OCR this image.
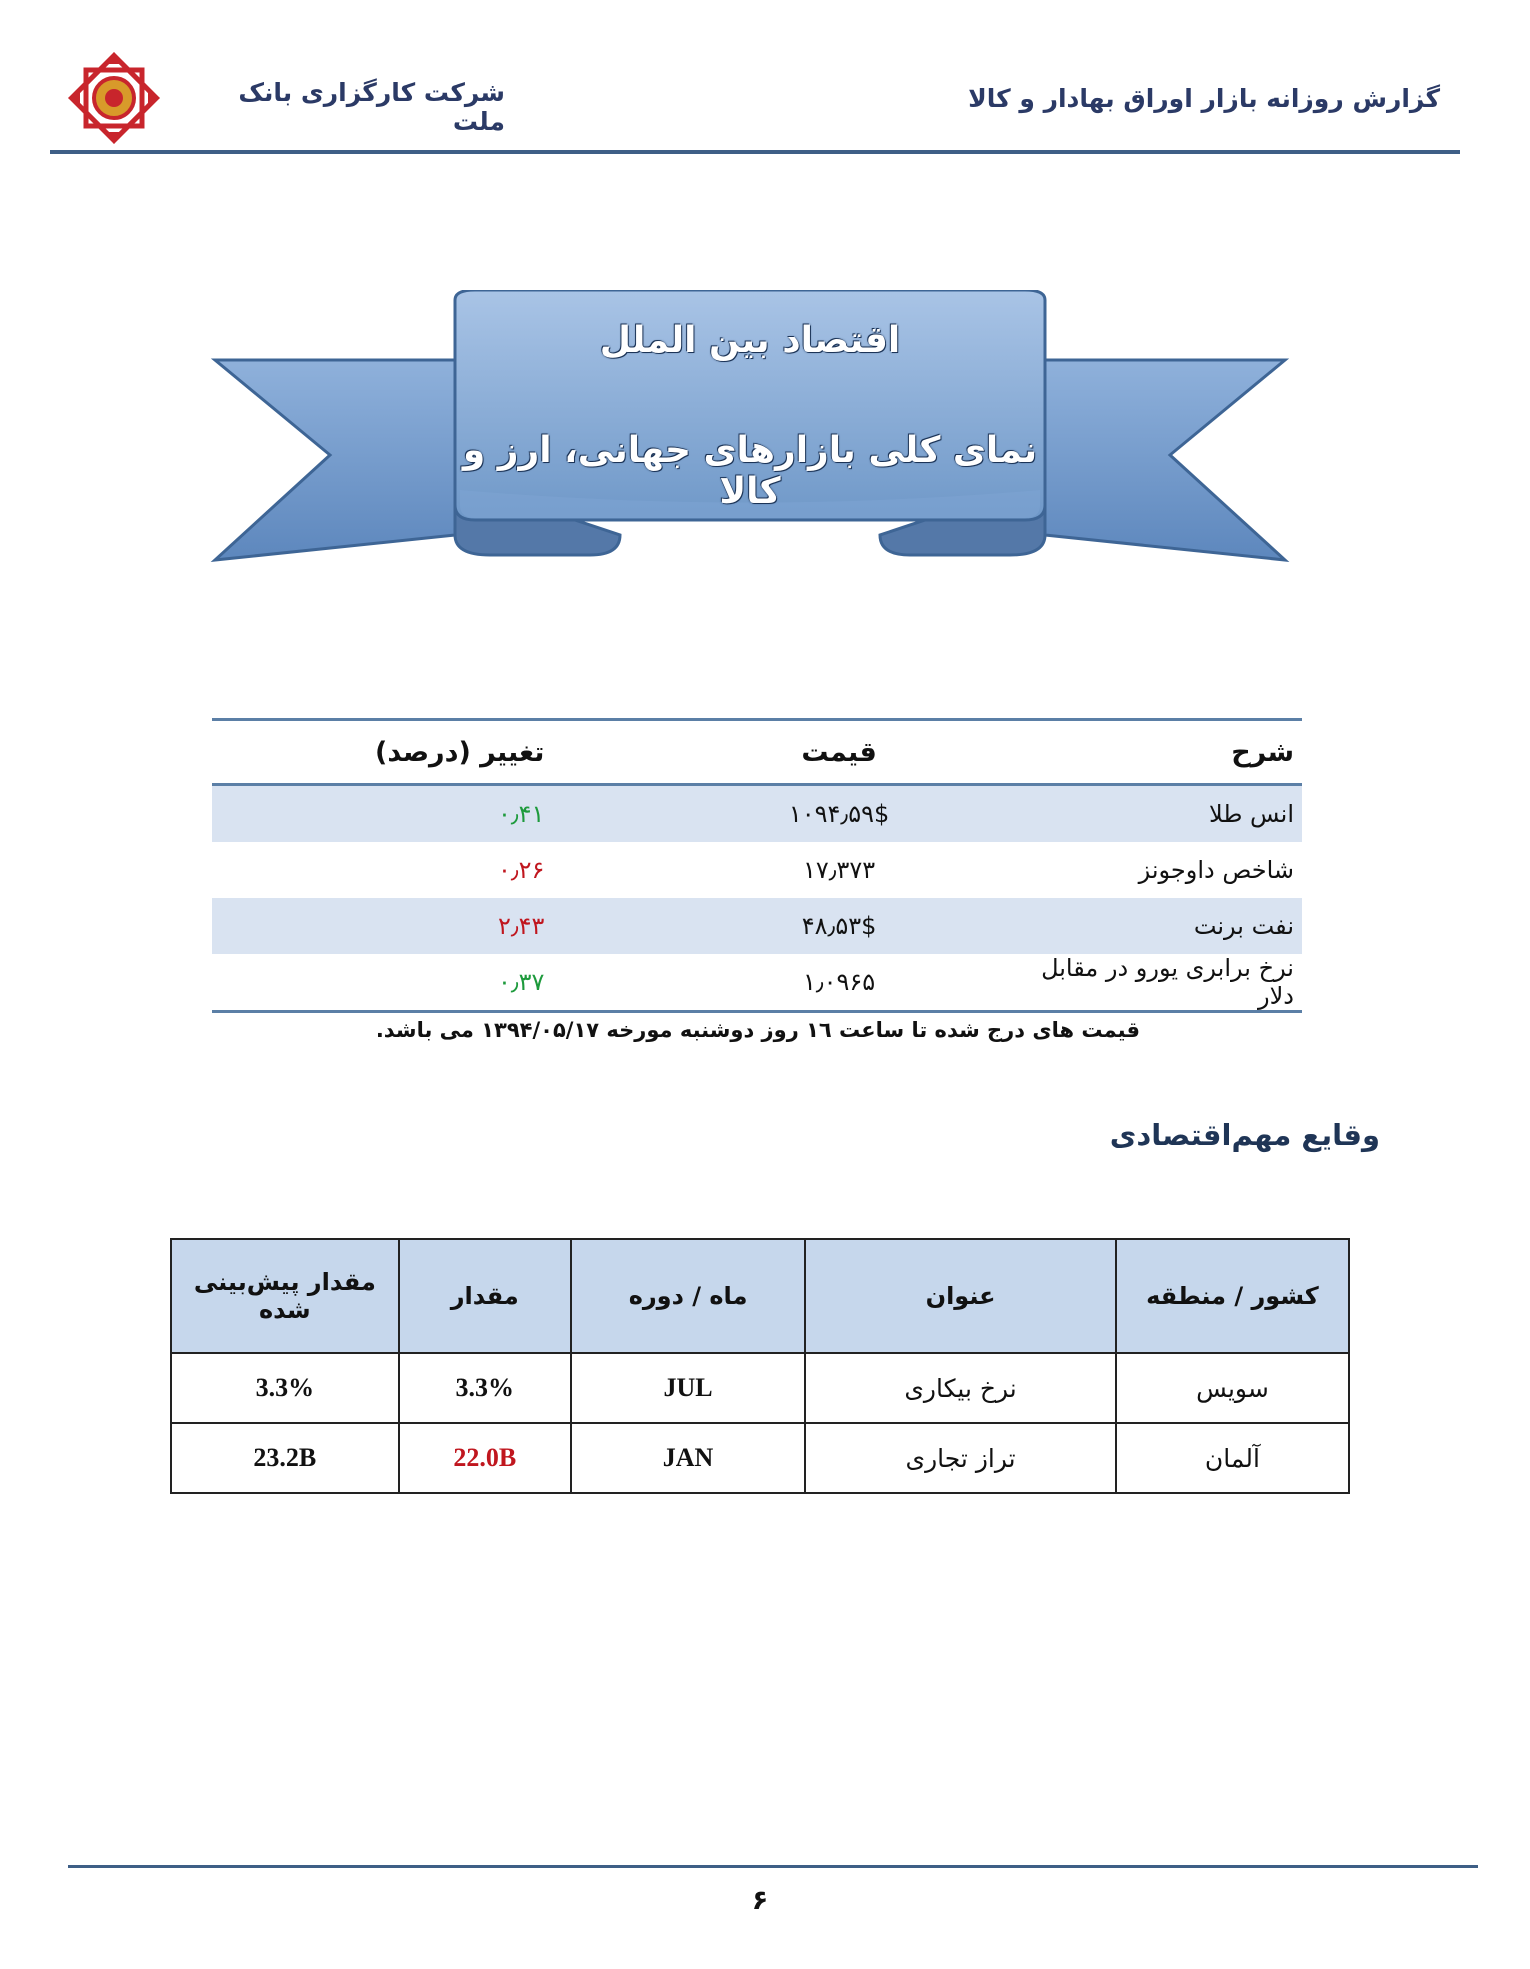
شرکت کارگزاری بانک ملت
گزارش روزانه بازار اوراق بهادار و کالا
اقتصاد بین الملل
نمای کلی بازارهای جهانی، ارز و کالا
شرح	قیمت	تغییر (درصد)
انس طلا	۱۰۹۴٫۵۹$	۰٫۴۱
شاخص داوجونز	۱۷٫۳۷۳	۰٫۲۶
نفت برنت	۴۸٫۵۳$	۲٫۴۳
نرخ برابری یورو در مقابل دلار	۱٫۰۹۶۵	۰٫۳۷
قیمت های درج شده تا ساعت ١٦ روز دوشنبه مورخه ۱۳۹۴/۰۵/۱۷ می باشد.
وقایع مهم‌اقتصادی
کشور / منطقه	عنوان	ماه / دوره	مقدار	مقدار پیش‌بینی شده
سویس	نرخ بیکاری	JUL	3.3%	3.3%
آلمان	تراز تجاری	JAN	22.0B	23.2B
۶
